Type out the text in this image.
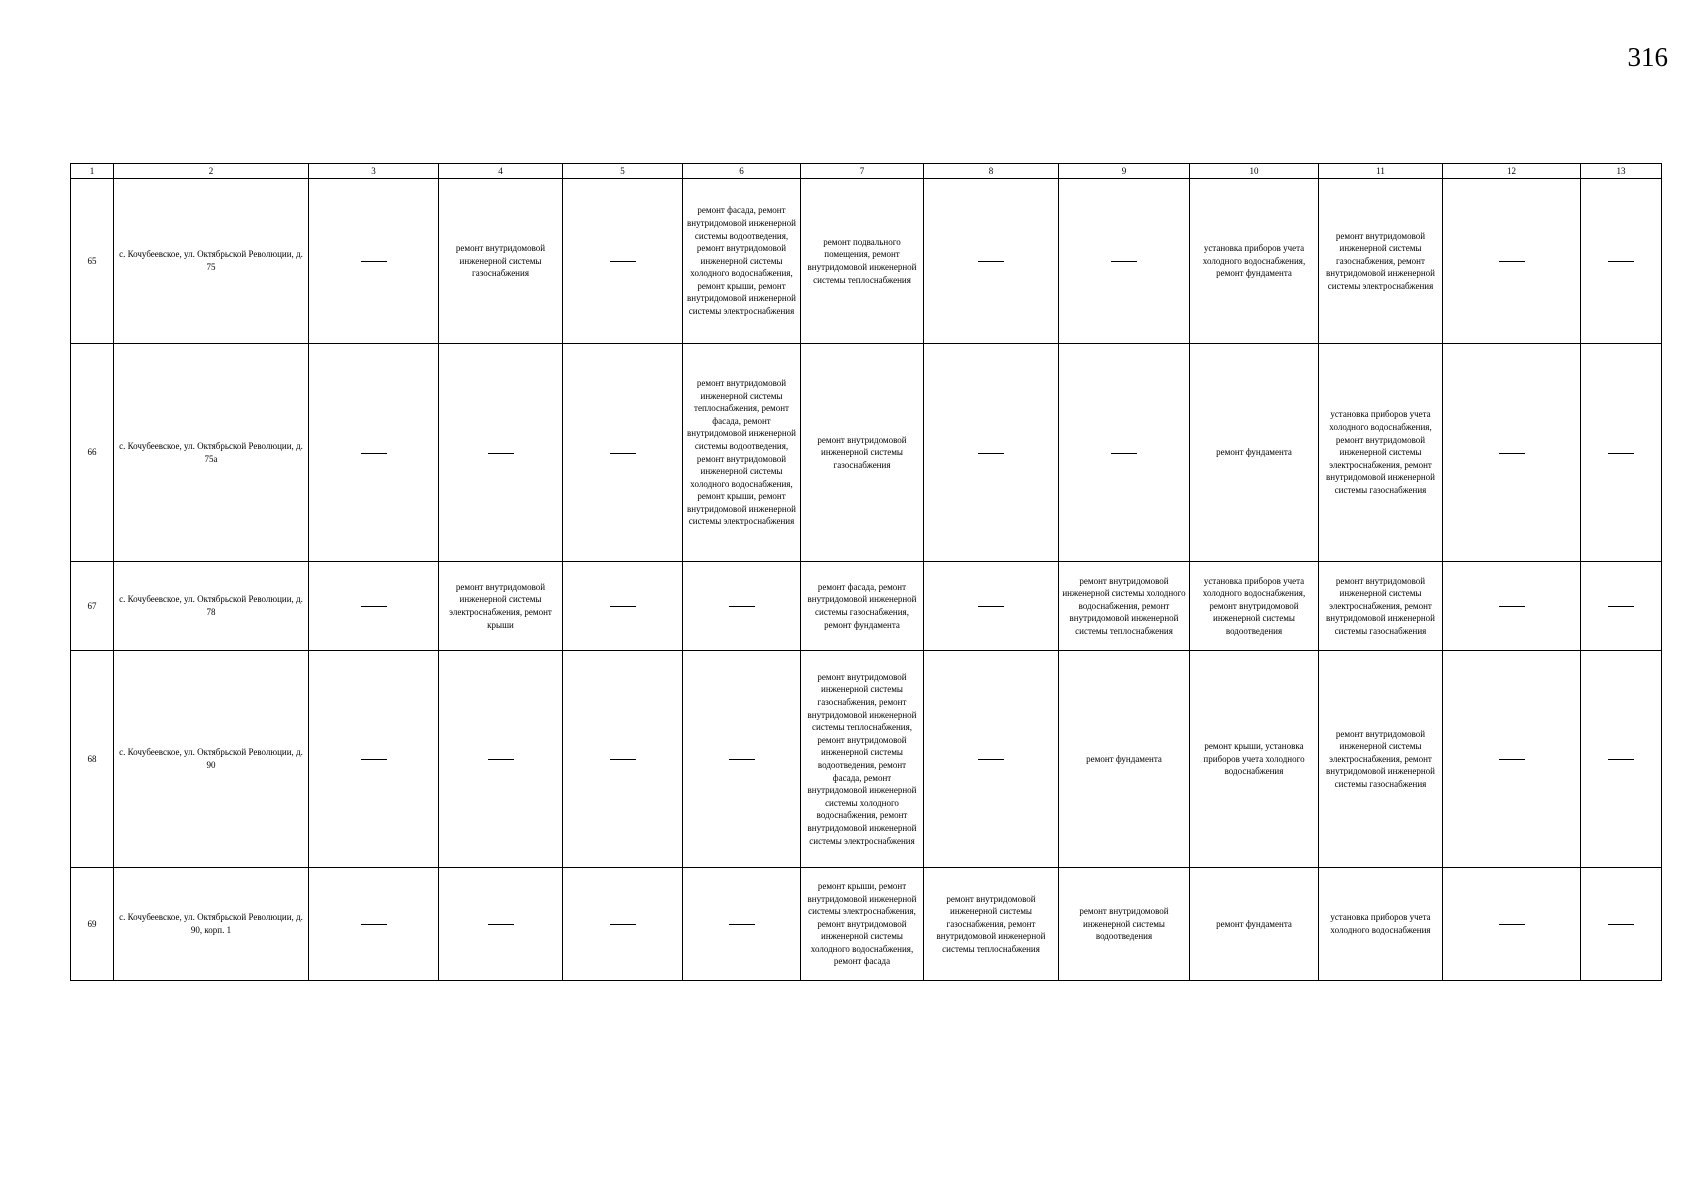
316
1	2	3	4	5	6	7	8	9	10	11	12	13
65	с. Кочубеевское, ул. Октябрьской Революции, д. 75		ремонт внутридомовой инженерной системы газоснабжения		ремонт фасада, ремонт внутридомовой инженерной системы водоотведения, ремонт внутридомовой инженерной системы холодного водоснабжения, ремонт крыши, ремонт внутридомовой инженерной системы электроснабжения	ремонт подвального помещения, ремонт внутридомовой инженерной системы теплоснабжения			установка приборов учета холодного водоснабжения, ремонт фундамента	ремонт внутридомовой инженерной системы газоснабжения, ремонт внутридомовой инженерной системы электроснабжения		
66	с. Кочубеевское, ул. Октябрьской Революции, д. 75а				ремонт внутридомовой инженерной системы теплоснабжения, ремонт фасада, ремонт внутридомовой инженерной системы водоотведения, ремонт внутридомовой инженерной системы холодного водоснабжения, ремонт крыши, ремонт внутридомовой инженерной системы электроснабжения	ремонт внутридомовой инженерной системы газоснабжения			ремонт фундамента	установка приборов учета холодного водоснабжения, ремонт внутридомовой инженерной системы электроснабжения, ремонт внутридомовой инженерной системы газоснабжения		
67	с. Кочубеевское, ул. Октябрьской Революции, д. 78		ремонт внутридомовой инженерной системы электроснабжения, ремонт крыши			ремонт фасада, ремонт внутридомовой инженерной системы газоснабжения, ремонт фундамента		ремонт внутридомовой инженерной системы холодного водоснабжения, ремонт внутридомовой инженерной системы теплоснабжения	установка приборов учета холодного водоснабжения, ремонт внутридомовой инженерной системы водоотведения	ремонт внутридомовой инженерной системы электроснабжения, ремонт внутридомовой инженерной системы газоснабжения		
68	с. Кочубеевское, ул. Октябрьской Революции, д. 90					ремонт внутридомовой инженерной системы газоснабжения, ремонт внутридомовой инженерной системы теплоснабжения, ремонт внутридомовой инженерной системы водоотведения, ремонт фасада, ремонт внутридомовой инженерной системы холодного водоснабжения, ремонт внутридомовой инженерной системы электроснабжения		ремонт фундамента	ремонт крыши, установка приборов учета холодного водоснабжения	ремонт внутридомовой инженерной системы электроснабжения, ремонт внутридомовой инженерной системы газоснабжения		
69	с. Кочубеевское, ул. Октябрьской Революции, д. 90, корп. 1					ремонт крыши, ремонт внутридомовой инженерной системы электроснабжения, ремонт внутридомовой инженерной системы холодного водоснабжения, ремонт фасада	ремонт внутридомовой инженерной системы газоснабжения, ремонт внутридомовой инженерной системы теплоснабжения	ремонт внутридомовой инженерной системы водоотведения	ремонт фундамента	установка приборов учета холодного водоснабжения		
